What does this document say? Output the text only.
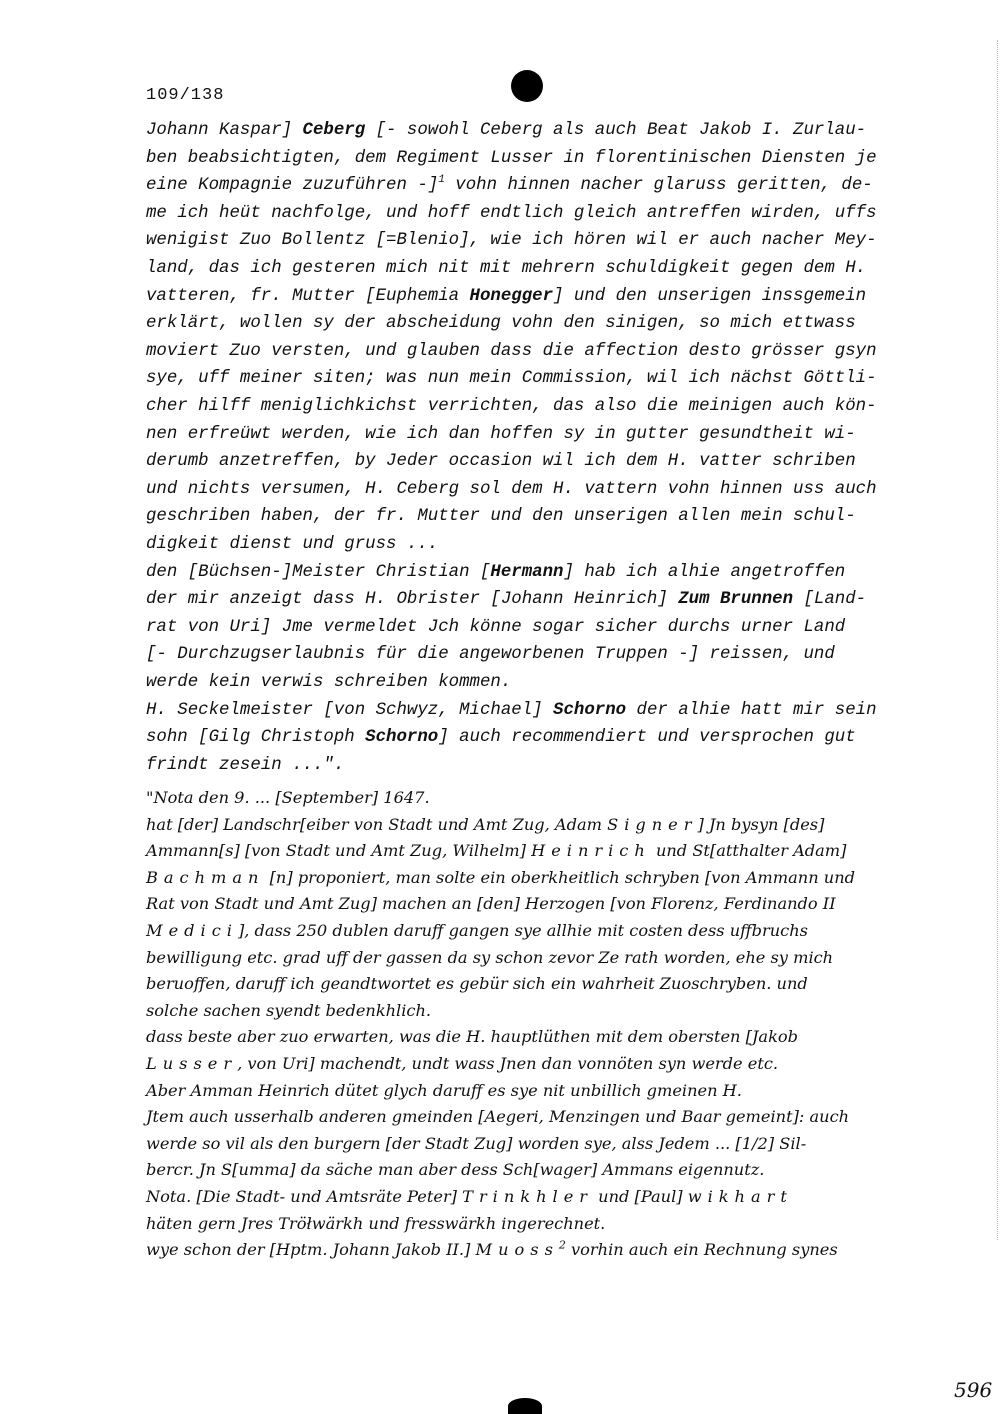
109/138
Johann Kaspar] Ceberg [- sowohl Ceberg als auch Beat Jakob I. Zurlau-
ben beabsichtigten, dem Regiment Lusser in florentinischen Diensten je
eine Kompagnie zuzuführen -]$^1$ vohn hinnen nacher glaruss geritten, de-
me ich heüt nachfolge, und hoff endtlich gleich antreffen wirden, uffs
wenigist Zuo Bollentz [=Blenio], wie ich hören wil er auch nacher Mey-
land, das ich gesteren mich nit mit mehrern schuldigkeit gegen dem H.
vatteren, fr. Mutter [Euphemia Honegger] und den unserigen inssgemein
erklärt, wollen sy der abscheidung vohn den sinigen, so mich ettwass
moviert Zuo versten, und glauben dass die affection desto grösser gsyn
sye, uff meiner siten; was nun mein Commission, wil ich nächst Göttli-
cher hilff meniglichkichst verrichten, das also die meinigen auch kön-
nen erfreüwt werden, wie ich dan hoffen sy in gutter gesundtheit wi-
derumb anzetreffen, by Jeder occasion wil ich dem H. vatter schriben
und nichts versumen, H. Ceberg sol dem H. vattern vohn hinnen uss auch
geschriben haben, der fr. Mutter und den unserigen allen mein schul-
digkeit dienst und gruss ...
den [Büchsen-]Meister Christian [Hermann] hab ich alhie angetroffen
der mir anzeigt dass H. Obrister [Johann Heinrich] Zum Brunnen [Land-
rat von Uri] Jme vermeldet Jch könne sogar sicher durchs urner Land
[- Durchzugserlaubnis für die angeworbenen Truppen -] reissen, und
werde kein verwis schreiben kommen.
H. Seckelmeister [von Schwyz, Michael] Schorno der alhie hatt mir sein
sohn [Gilg Christoph Schorno] auch recommendiert und versprochen gut
frindt zesein ...".
"Nota den 9. ... [September] 1647.
hat [der] Landschr[eiber von Stadt und Amt Zug, Adam Signer] Jn bysyn [des]
Ammann[s] [von Stadt und Amt Zug, Wilhelm] Heinrich und St[atthalter Adam]
Bachman [n] proponiert, man solte ein oberkheitlich schryben [von Ammann und
Rat von Stadt und Amt Zug] machen an [den] Herzogen [von Florenz, Ferdinando II
Medici], dass 250 dublen daruff gangen sye allhie mit costen dess uffbruchs
bewilligung etc. grad uff der gassen da sy schon zevor Ze rath worden, ehe sy mich
beruoffen, daruff ich geandtwortet es gebür sich ein wahrheit Zuoschryben. und
solche sachen syendt bedenkhlich.
dass beste aber zuo erwarten, was die H. hauptlüthen mit dem obersten [Jakob
Lusser, von Uri] machendt, undt wass Jnen dan vonnöten syn werde etc.
Aber Amman Heinrich dütet glych daruff es sye nit unbillich gmeinen H.
Jtem auch usserhalb anderen gmeinden [Aegeri, Menzingen und Baar gemeint]: auch
werde so vil als den burgern [der Stadt Zug] worden sye, alss Jedem ... [1/2] Sil-
bercr. Jn S[umma] da säche man aber dess Sch[wager] Ammans eigennutz.
Nota. [Die Stadt- und Amtsräte Peter] Trinkhler und [Paul] wikhart
häten gern Jres Tröłwärkh und fresswärkh ingerechnet.
wye schon der [Hptm. Johann Jakob II.] Muoss$^2$ vorhin auch ein Rechnung synes
596
